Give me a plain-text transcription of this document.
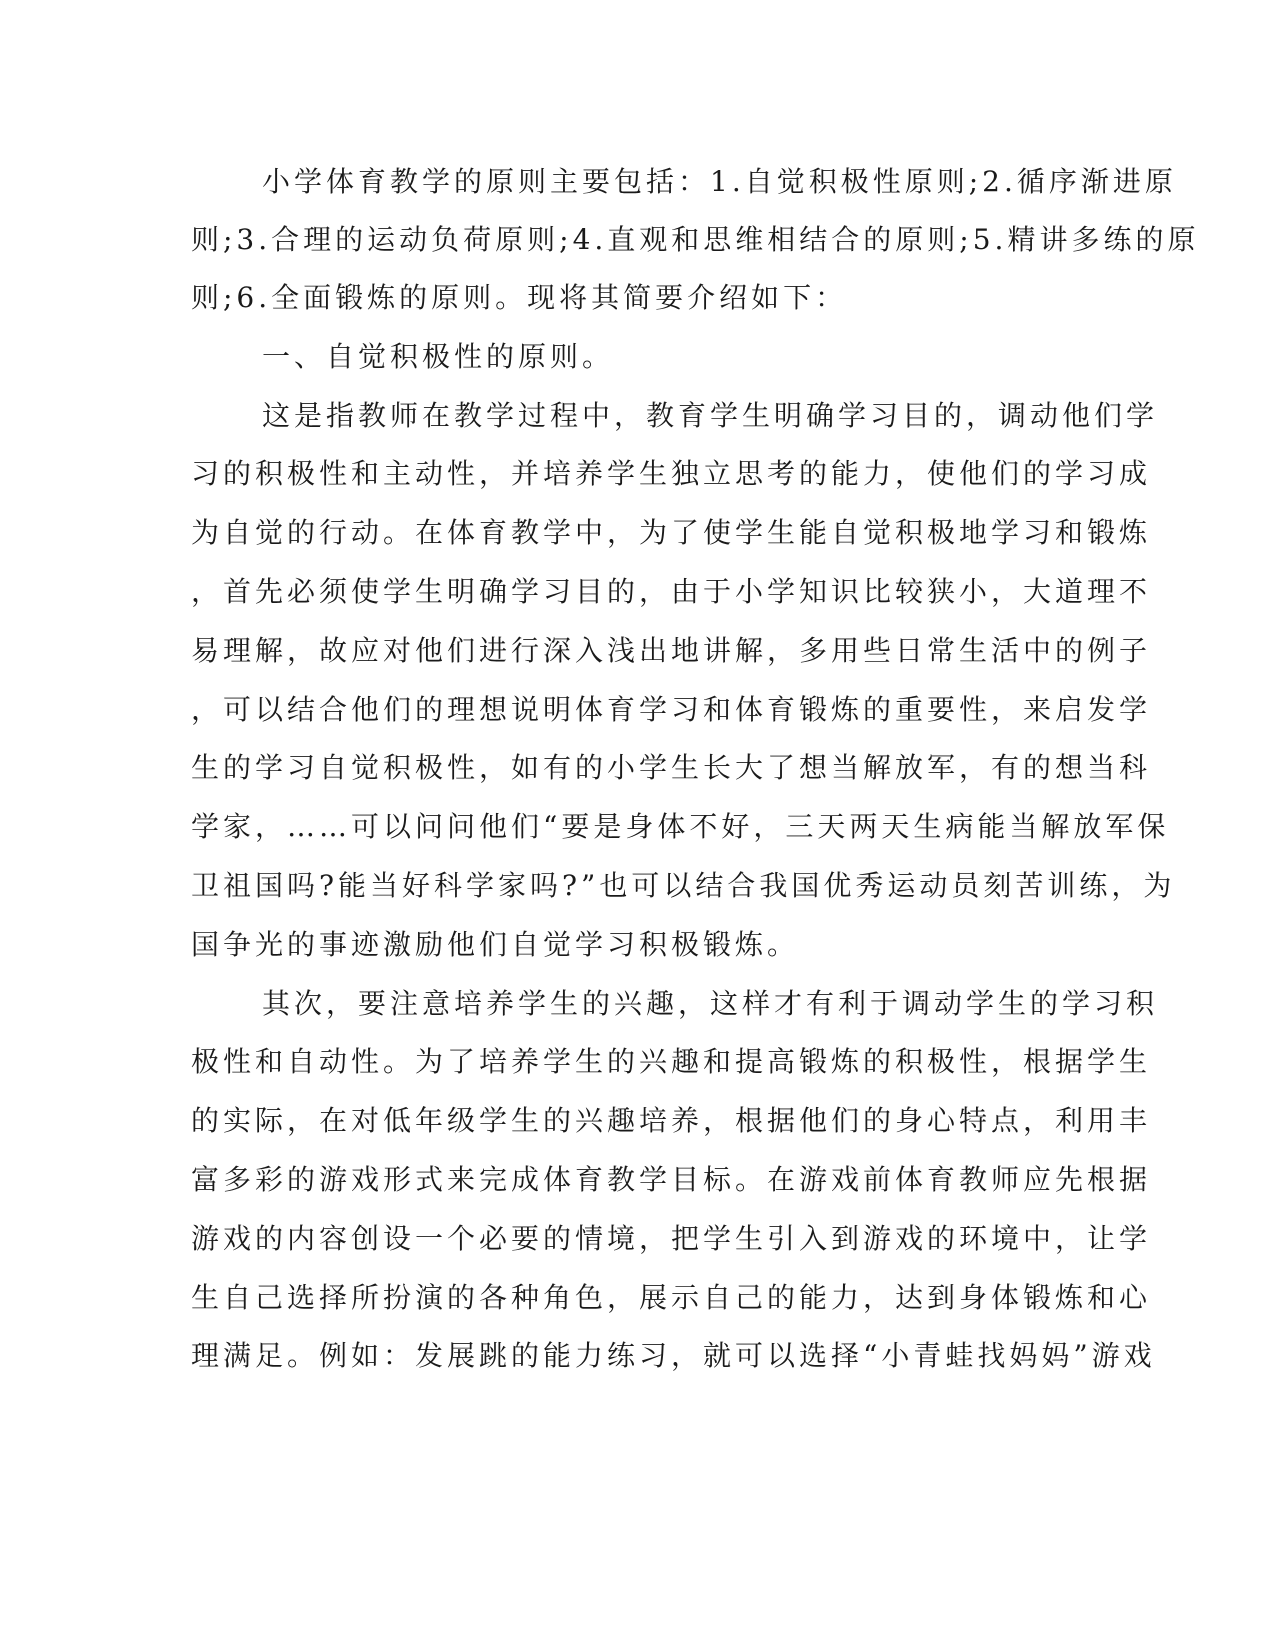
小学体育教学的原则主要包括：1.自觉积极性原则;2.循序渐进原
则;3.合理的运动负荷原则;4.直观和思维相结合的原则;5.精讲多练的原
则;6.全面锻炼的原则。现将其简要介绍如下：
一、自觉积极性的原则。
这是指教师在教学过程中，教育学生明确学习目的，调动他们学
习的积极性和主动性，并培养学生独立思考的能力，使他们的学习成
为自觉的行动。在体育教学中，为了使学生能自觉积极地学习和锻炼
，首先必须使学生明确学习目的，由于小学知识比较狭小，大道理不
易理解，故应对他们进行深入浅出地讲解，多用些日常生活中的例子
，可以结合他们的理想说明体育学习和体育锻炼的重要性，来启发学
生的学习自觉积极性，如有的小学生长大了想当解放军，有的想当科
学家，……可以问问他们“要是身体不好，三天两天生病能当解放军保
卫祖国吗?能当好科学家吗?”也可以结合我国优秀运动员刻苦训练，为
国争光的事迹激励他们自觉学习积极锻炼。
其次，要注意培养学生的兴趣，这样才有利于调动学生的学习积
极性和自动性。为了培养学生的兴趣和提高锻炼的积极性，根据学生
的实际，在对低年级学生的兴趣培养，根据他们的身心特点，利用丰
富多彩的游戏形式来完成体育教学目标。在游戏前体育教师应先根据
游戏的内容创设一个必要的情境，把学生引入到游戏的环境中，让学
生自己选择所扮演的各种角色，展示自己的能力，达到身体锻炼和心
理满足。例如：发展跳的能力练习，就可以选择“小青蛙找妈妈”游戏
